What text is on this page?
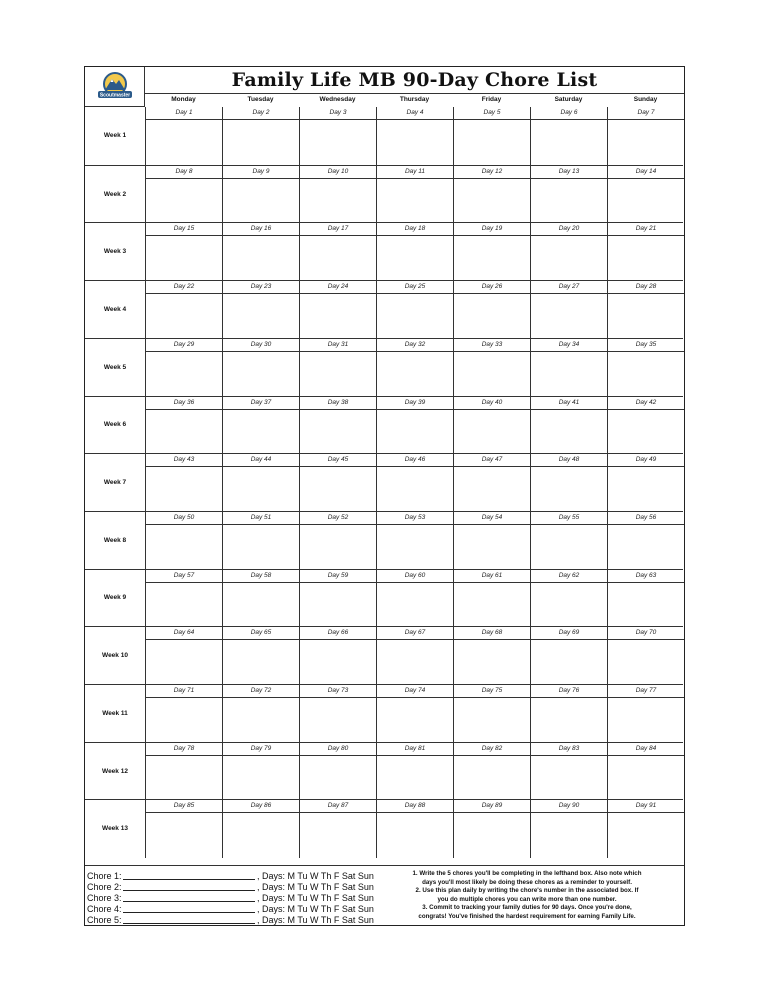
Scoutmaster
Family Life MB 90-Day Chore List
Monday	Tuesday	Wednesday	Thursday	Friday	Saturday	Sunday
Week 1
Day 1	Day 2	Day 3	Day 4	Day 5	Day 6	Day 7
Week 2
Day 8	Day 9	Day 10	Day 11	Day 12	Day 13	Day 14
Week 3
Day 15	Day 16	Day 17	Day 18	Day 19	Day 20	Day 21
Week 4
Day 22	Day 23	Day 24	Day 25	Day 26	Day 27	Day 28
Week 5
Day 29	Day 30	Day 31	Day 32	Day 33	Day 34	Day 35
Week 6
Day 36	Day 37	Day 38	Day 39	Day 40	Day 41	Day 42
Week 7
Day 43	Day 44	Day 45	Day 46	Day 47	Day 48	Day 49
Week 8
Day 50	Day 51	Day 52	Day 53	Day 54	Day 55	Day 56
Week 9
Day 57	Day 58	Day 59	Day 60	Day 61	Day 62	Day 63
Week 10
Day 64	Day 65	Day 66	Day 67	Day 68	Day 69	Day 70
Week 11
Day 71	Day 72	Day 73	Day 74	Day 75	Day 76	Day 77
Week 12
Day 78	Day 79	Day 80	Day 81	Day 82	Day 83	Day 84
Week 13
Day 85	Day 86	Day 87	Day 88	Day 89	Day 90	Day 91
Chore 1:	, Days: M Tu W Th F Sat Sun
Chore 2:	, Days: M Tu W Th F Sat Sun
Chore 3:	, Days: M Tu W Th F Sat Sun
Chore 4:	, Days: M Tu W Th F Sat Sun
Chore 5:	, Days: M Tu W Th F Sat Sun
1. Write the 5 chores you'll be completing in the lefthand box. Also note which
days you'll most likely be doing these chores as a reminder to yourself.
2. Use this plan daily by writing the chore's number in the associated box. If
you do multiple chores you can write more than one number.
3. Commit to tracking your family duties for 90 days. Once you're done,
congrats! You've finished the hardest requirement for earning Family Life.
